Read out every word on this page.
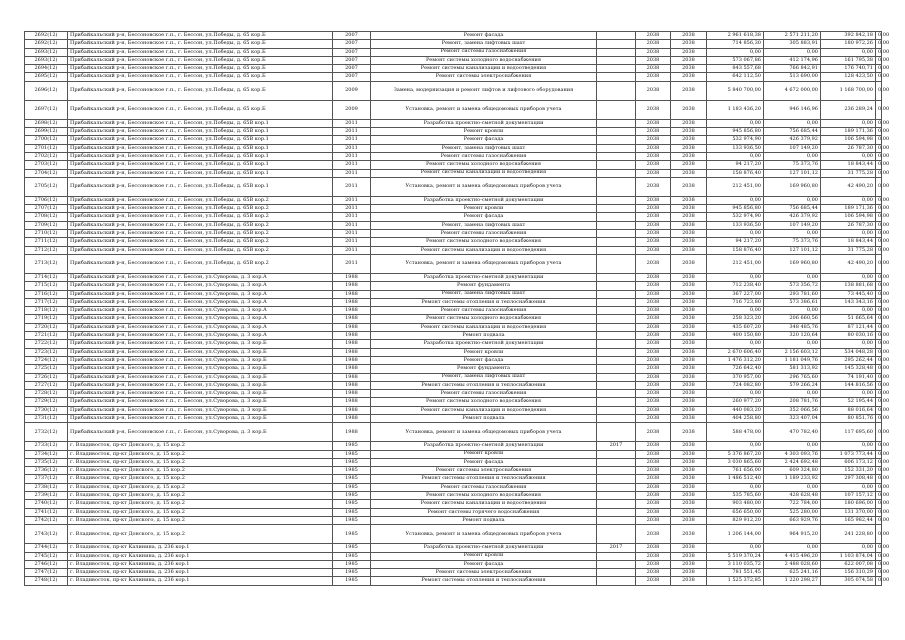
2692(12)	Прибайкальский р-н, Бессоновское г.п., г. Бессон, ул.Победы, д. 65 кор.Б	2007	Ремонт фасада		2038	2038	2 961 618,38	2 571 211,20	392 842,18	0,00
2692(12)	Прибайкальский р-н, Бессоновское г.п., г. Бессон, ул.Победы, д. 65 кор.Б	2007	Ремонт, замена лифтовых шахт		2038	2038	714 856,30	305 883,91	180 972,26	0,00
2693(12)	Прибайкальский р-н, Бессоновское г.п., г. Бессон, ул.Победы, д. 65 кор.Б	2007	Ремонт системы газоснабжения		2038	2038	0,00	0,00	0,00	0,00
2693(12)	Прибайкальский р-н, Бессоновское г.п., г. Бессон, ул.Победы, д. 65 кор.Б	2007	Ремонт системы холодного водоснабжения		2038	2038	573 067,86	412 174,96	161 795,38	0,00
2694(12)	Прибайкальский р-н, Бессоновское г.п., г. Бессон, ул.Победы, д. 65 кор.Б	2007	Ремонт системы канализации и водоотведения		2038	2038	843 557,68	766 842,91	176 740,71	0,00
2695(12)	Прибайкальский р-н, Бессоновское г.п., г. Бессон, ул.Победы, д. 65 кор.Б	2007	Ремонт системы электроснабжения		2038	2038	642 112,50	513 690,00	128 423,50	0,00
2696(12)	Прибайкальский р-н, Бессоновское г.п., г. Бессон, ул.Победы, д. 65 кор.Б	2009	Замена, модернизация и ремонт лифтов и лифтового оборудования		2038	2038	5 840 700,00	4 672 000,00	1 168 700,00	0,00
2697(12)	Прибайкальский р-н, Бессоновское г.п., г. Бессон, ул.Победы, д. 65 кор.Б	2009	Установка, ремонт и замена общедомовых приборов учета		2038	2038	1 183 436,20	946 146,96	236 289,24	0,00
2698(12)	Прибайкальский р-н, Бессоновское г.п., г. Бессон, ул.Победы, д. 65В кор.1	2011	Разработка проектно-сметной документации		2038	2038	0,00	0,00	0,00	0,00
2699(12)	Прибайкальский р-н, Бессоновское г.п., г. Бессон, ул.Победы, д. 65В кор.1	2011	Ремонт кровли		2038	2038	945 856,80	756 685,44	189 171,36	0,00
2700(12)	Прибайкальский р-н, Бессоновское г.п., г. Бессон, ул.Победы, д. 65В кор.1	2011	Ремонт фасада		2038	2038	532 974,90	426 379,92	106 594,98	0,00
2701(12)	Прибайкальский р-н, Бессоновское г.п., г. Бессон, ул.Победы, д. 65В кор.1	2011	Ремонт, замена лифтовых шахт		2038	2038	133 936,50	107 149,20	26 787,30	0,00
2702(12)	Прибайкальский р-н, Бессоновское г.п., г. Бессон, ул.Победы, д. 65В кор.1	2011	Ремонт системы газоснабжения		2038	2038	0,00	0,00	0,00	0,00
2703(12)	Прибайкальский р-н, Бессоновское г.п., г. Бессон, ул.Победы, д. 65В кор.1	2011	Ремонт системы холодного водоснабжения		2038	2038	94 217,20	75 373,76	18 843,44	0,00
2704(12)	Прибайкальский р-н, Бессоновское г.п., г. Бессон, ул.Победы, д. 65В кор.1	2011	Ремонт системы канализации и водоотведения		2038	2038	158 876,40	127 101,12	31 775,28	0,00
2705(12)	Прибайкальский р-н, Бессоновское г.п., г. Бессон, ул.Победы, д. 65В кор.1	2011	Установка, ремонт и замена общедомовых приборов учета		2038	2038	212 451,00	169 960,80	42 490,20	0,00
2706(12)	Прибайкальский р-н, Бессоновское г.п., г. Бессон, ул.Победы, д. 65В кор.2	2011	Разработка проектно-сметной документации		2038	2038	0,00	0,00	0,00	0,00
2707(12)	Прибайкальский р-н, Бессоновское г.п., г. Бессон, ул.Победы, д. 65В кор.2	2011	Ремонт кровли		2038	2038	945 856,80	756 685,44	189 171,36	0,00
2708(12)	Прибайкальский р-н, Бессоновское г.п., г. Бессон, ул.Победы, д. 65В кор.2	2011	Ремонт фасада		2038	2038	532 974,90	426 379,92	106 594,98	0,00
2709(12)	Прибайкальский р-н, Бессоновское г.п., г. Бессон, ул.Победы, д. 65В кор.2	2011	Ремонт, замена лифтовых шахт		2038	2038	133 936,50	107 149,20	26 787,30	0,00
2710(12)	Прибайкальский р-н, Бессоновское г.п., г. Бессон, ул.Победы, д. 65В кор.2	2011	Ремонт системы газоснабжения		2038	2038	0,00	0,00	0,00	0,00
2711(12)	Прибайкальский р-н, Бессоновское г.п., г. Бессон, ул.Победы, д. 65В кор.2	2011	Ремонт системы холодного водоснабжения		2038	2038	94 217,20	75 373,76	18 843,44	0,00
2712(12)	Прибайкальский р-н, Бессоновское г.п., г. Бессон, ул.Победы, д. 65В кор.2	2011	Ремонт системы канализации и водоотведения		2038	2038	158 876,40	127 101,12	31 775,28	0,00
2713(12)	Прибайкальский р-н, Бессоновское г.п., г. Бессон, ул.Победы, д. 65В кор.2	2011	Установка, ремонт и замена общедомовых приборов учета		2038	2038	212 451,00	169 960,80	42 490,20	0,00
2714(12)	Прибайкальский р-н, Бессоновское г.п., г. Бессон, ул.Суворова, д. 3 кор.А	1988	Разработка проектно-сметной документации		2038	2038	0,00	0,00	0,00	0,00
2715(12)	Прибайкальский р-н, Бессоновское г.п., г. Бессон, ул.Суворова, д. 3 кор.А	1988	Ремонт фундамента		2038	2038	712 238,40	573 356,72	138 881,68	0,00
2716(12)	Прибайкальский р-н, Бессоновское г.п., г. Бессон, ул.Суворова, д. 3 кор.А	1988	Ремонт, замена лифтовых шахт		2038	2038	367 227,00	293 781,60	73 445,40	0,00
2717(12)	Прибайкальский р-н, Бессоновское г.п., г. Бессон, ул.Суворова, д. 3 кор.А	1988	Ремонт системы отопления и теплоснабжения		2038	2038	716 723,80	573 386,61	143 343,16	0,00
2718(12)	Прибайкальский р-н, Бессоновское г.п., г. Бессон, ул.Суворова, д. 3 кор.А	1988	Ремонт системы газоснабжения		2038	2038	0,00	0,00	0,00	0,00
2719(12)	Прибайкальский р-н, Бессоновское г.п., г. Бессон, ул.Суворова, д. 3 кор.А	1988	Ремонт системы холодного водоснабжения		2038	2038	258 323,20	206 660,56	51 665,64	0,00
2720(12)	Прибайкальский р-н, Бессоновское г.п., г. Бессон, ул.Суворова, д. 3 кор.А	1988	Ремонт системы канализации и водоотведения		2038	2038	435 607,20	348 485,76	87 121,44	0,00
2721(12)	Прибайкальский р-н, Бессоновское г.п., г. Бессон, ул.Суворова, д. 3 кор.А	1988	Ремонт подвала		2038	2038	400 150,80	320 120,64	80 030,16	0,00
2722(12)	Прибайкальский р-н, Бессоновское г.п., г. Бессон, ул.Суворова, д. 3 кор.Б	1988	Разработка проектно-сметной документации		2038	2038	0,00	0,00	0,00	0,00
2723(12)	Прибайкальский р-н, Бессоновское г.п., г. Бессон, ул.Суворова, д. 3 кор.Б	1988	Ремонт кровли		2038	2038	2 670 606,40	2 156 603,12	534 048,28	0,00
2724(12)	Прибайкальский р-н, Бессоновское г.п., г. Бессон, ул.Суворова, д. 3 кор.Б	1988	Ремонт фасада		2038	2038	1 476 312,20	1 181 049,76	295 262,44	0,00
2725(12)	Прибайкальский р-н, Бессоновское г.п., г. Бессон, ул.Суворова, д. 3 кор.Б	1988	Ремонт фундамента		2038	2038	726 642,40	581 313,92	145 328,48	0,00
2726(12)	Прибайкальский р-н, Бессоновское г.п., г. Бессон, ул.Суворова, д. 3 кор.Б	1988	Ремонт, замена лифтовых шахт		2038	2038	370 957,00	296 765,60	74 191,40	0,00
2727(12)	Прибайкальский р-н, Бессоновское г.п., г. Бессон, ул.Суворова, д. 3 кор.Б	1988	Ремонт системы отопления и теплоснабжения		2038	2038	724 082,80	579 266,24	144 816,56	0,00
2728(12)	Прибайкальский р-н, Бессоновское г.п., г. Бессон, ул.Суворова, д. 3 кор.Б	1988	Ремонт системы газоснабжения		2038	2038	0,00	0,00	0,00	0,00
2729(12)	Прибайкальский р-н, Бессоновское г.п., г. Бессон, ул.Суворова, д. 3 кор.Б	1988	Ремонт системы холодного водоснабжения		2038	2038	260 977,20	208 781,76	52 195,44	0,00
2730(12)	Прибайкальский р-н, Бессоновское г.п., г. Бессон, ул.Суворова, д. 3 кор.Б	1988	Ремонт системы канализации и водоотведения		2038	2038	440 083,20	352 066,56	88 016,64	0,00
2731(12)	Прибайкальский р-н, Бессоновское г.п., г. Бессон, ул.Суворова, д. 3 кор.Б	1988	Ремонт подвала		2038	2038	404 258,80	323 407,04	80 851,76	0,00
2732(12)	Прибайкальский р-н, Бессоновское г.п., г. Бессон, ул.Суворова, д. 3 кор.Б	1988	Установка, ремонт и замена общедомовых приборов учета		2038	2038	588 478,00	470 782,40	117 695,60	0,00
2733(12)	г. Владивосток, пр-кт Донского, д. 15 кор.2	1985	Разработка проектно-сметной документации	2017	2038	2038	0,00	0,00	0,00	0,00
2734(12)	г. Владивосток, пр-кт Донского, д. 15 кор.2	1985	Ремонт кровли		2038	2038	5 376 867,20	4 303 093,76	1 073 773,44	0,00
2735(12)	г. Владивосток, пр-кт Донского, д. 15 кор.2	1985	Ремонт фасада		2038	2038	3 030 865,60	2 424 692,48	606 173,12	0,00
2736(12)	г. Владивосток, пр-кт Донского, д. 15 кор.2	1985	Ремонт системы электроснабжения		2038	2038	761 656,00	609 324,80	152 331,20	0,00
2737(12)	г. Владивосток, пр-кт Донского, д. 15 кор.2	1985	Ремонт системы отопления и теплоснабжения		2038	2038	1 486 512,40	1 189 233,92	297 308,48	0,00
2738(12)	г. Владивосток, пр-кт Донского, д. 15 кор.2	1985	Ремонт системы газоснабжения		2038	2038	0,00	0,00	0,00	0,00
2739(12)	г. Владивосток, пр-кт Донского, д. 15 кор.2	1985	Ремонт системы холодного водоснабжения		2038	2038	535 785,60	428 628,48	107 157,12	0,00
2740(12)	г. Владивосток, пр-кт Донского, д. 15 кор.2	1985	Ремонт системы канализации и водоотведения		2038	2038	903 480,00	722 784,00	180 696,00	0,00
2741(12)	г. Владивосток, пр-кт Донского, д. 15 кор.2	1985	Ремонт системы горячего водоснабжения		2038	2038	656 650,00	525 280,00	131 370,00	0,00
2742(12)	г. Владивосток, пр-кт Донского, д. 15 кор.2	1985	Ремонт подвала		2038	2038	829 912,20	663 929,76	165 982,44	0,00
2743(12)	г. Владивосток, пр-кт Донского, д. 15 кор.2	1985	Установка, ремонт и замена общедомовых приборов учета		2038	2038	1 206 144,00	964 915,20	241 228,80	0,00
2744(12)	г. Владивосток, пр-кт Калинина, д. 236 кор.1	1985	Разработка проектно-сметной документации	2017	2038	2038	0,00	0,00	0,00	0,00
2745(12)	г. Владивосток, пр-кт Калинина, д. 236 кор.1	1985	Ремонт кровли		2038	2038	5 519 370,24	4 415 496,20	1 103 874,04	0,00
2746(12)	г. Владивосток, пр-кт Калинина, д. 236 кор.1	1985	Ремонт фасада		2038	2038	3 110 035,72	2 488 028,60	622 007,08	0,00
2747(12)	г. Владивосток, пр-кт Калинина, д. 236 кор.1	1985	Ремонт системы электроснабжения		2038	2038	781 551,45	625 241,16	156 310,29	0,00
2748(12)	г. Владивосток, пр-кт Калинина, д. 236 кор.1	1985	Ремонт системы отопления и теплоснабжения		2038	2038	1 525 372,85	1 220 298,27	305 074,58	0,00
